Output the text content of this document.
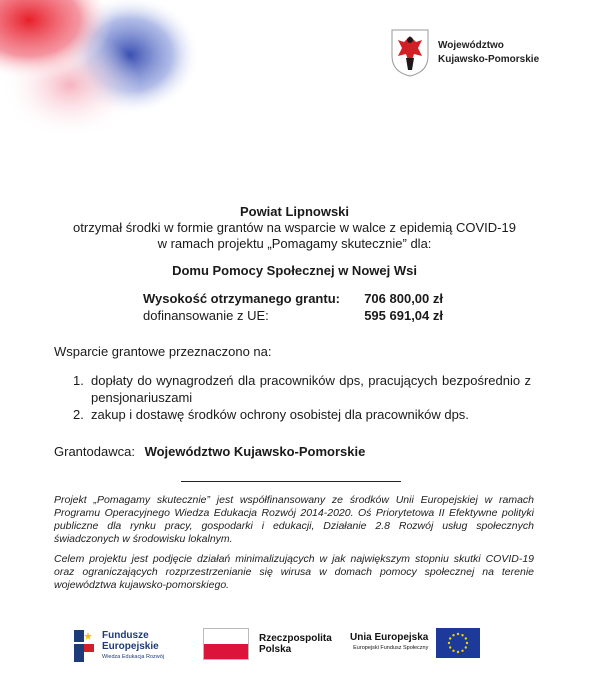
Województwo
Kujawsko-Pomorskie
Powiat Lipnowski
otrzymał środki w formie grantów na wsparcie w walce z epidemią COVID-19
w ramach projektu „Pomagamy skutecznie” dla:
Domu Pomocy Społecznej w Nowej Wsi
Wysokość otrzymanego grantu: 706 800,00 zł
dofinansowanie z UE:	595 691,04 zł
Wsparcie grantowe przeznaczono na:
1. dopłaty do wynagrodzeń dla pracowników dps, pracujących bezpośrednio z pensjonariuszami
2. zakup i dostawę środków ochrony osobistej dla pracowników dps.
Grantodawca: Województwo Kujawsko-Pomorskie
Projekt „Pomagamy skutecznie” jest współfinansowany ze środków Unii Europejskiej w ramach Programu Operacyjnego Wiedza Edukacja Rozwój 2014-2020. Oś Priorytetowa II Efektywne polityki publiczne dla rynku pracy, gospodarki i edukacji, Działanie 2.8 Rozwój usług społecznych świadczonych w środowisku lokalnym.
Celem projektu jest podjęcie działań minimalizujących w jak największym stopniu skutki COVID-19 oraz ograniczających rozprzestrzenianie się wirusa w domach pomocy społecznej na terenie województwa kujawsko-pomorskiego.
Fundusze
Europejskie
Wiedza Edukacja Rozwój
Rzeczpospolita
Polska
Unia Europejska
Europejski Fundusz Społeczny
